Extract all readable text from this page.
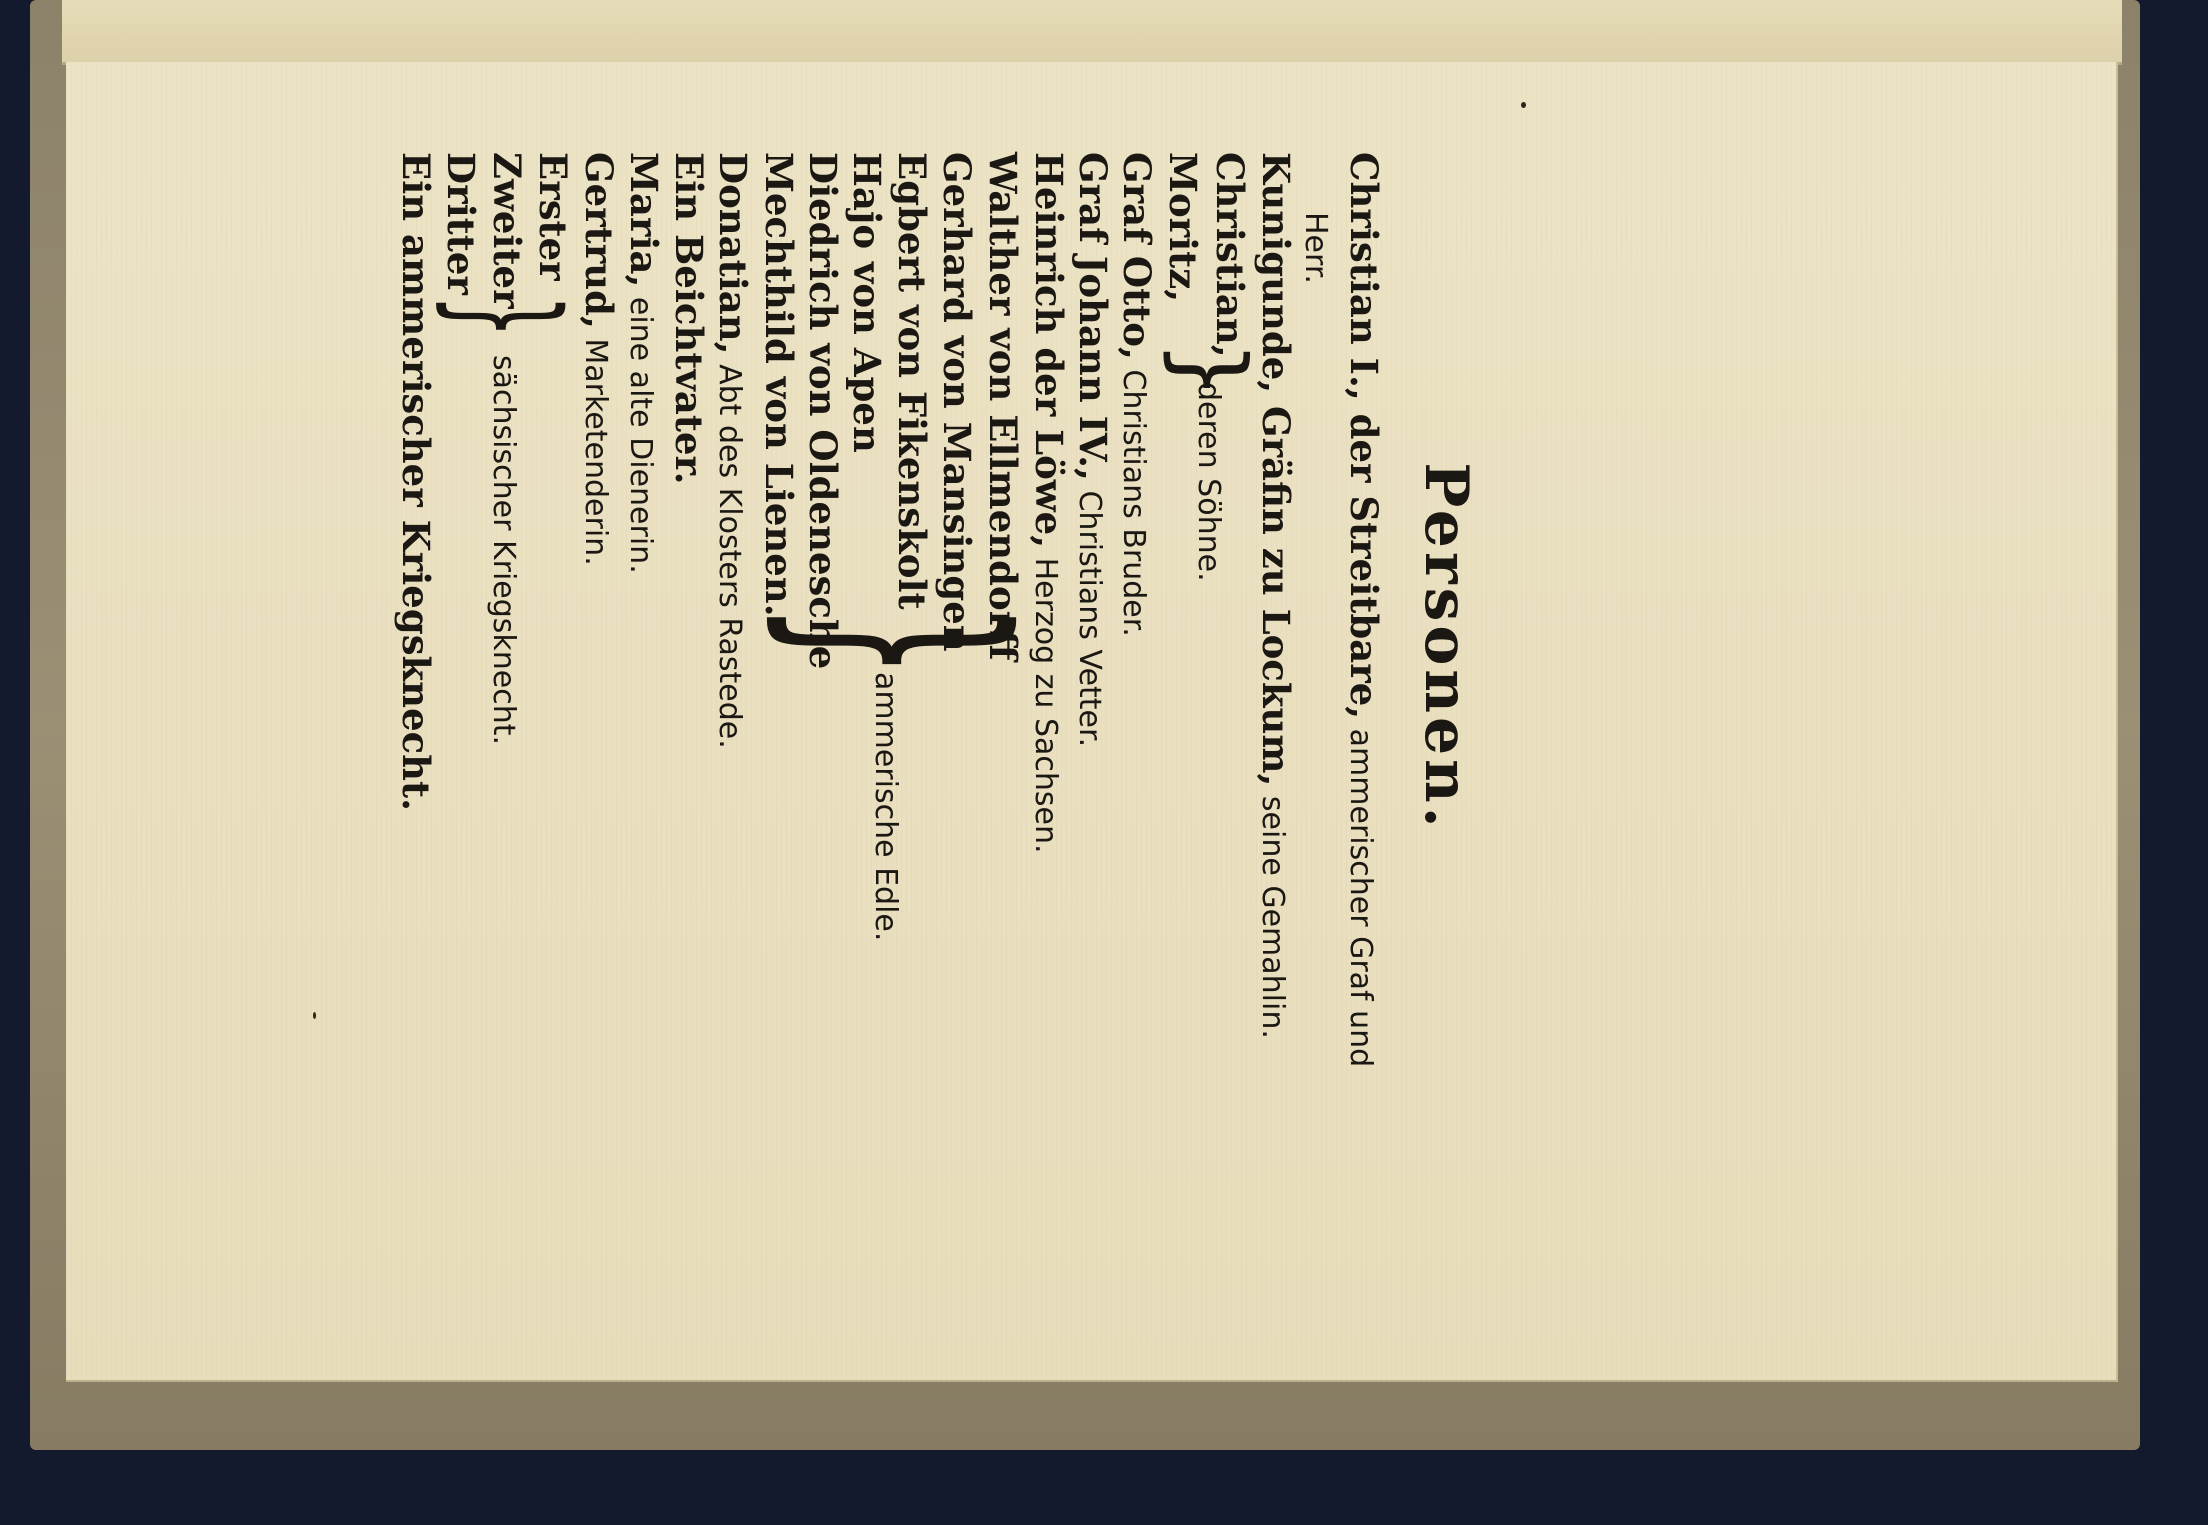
Personen.
Christian I., der Streitbare, ammerischer Graf und
Herr.
Kunigunde, Gräfin zu Lockum, seine Gemahlin.
Christian,
Moritz,
}
deren Söhne.
Graf Otto, Christians Bruder.
Graf Johann IV., Christians Vetter.
Heinrich der Löwe, Herzog zu Sachsen.
Walther von Ellmendorff
Gerhard von Mansingen
Egbert von Fikenskolt
Hajo von Apen
Diedrich von Oldenesche
}
ammerische Edle.
Mechthild von Lienen.
Donatian, Abt des Klosters Rastede.
Ein Beichtvater.
Maria, eine alte Dienerin.
Gertrud, Marketenderin.
Erster
Zweiter
Dritter
}
sächsischer Kriegsknecht.
Ein ammerischer Kriegsknecht.
